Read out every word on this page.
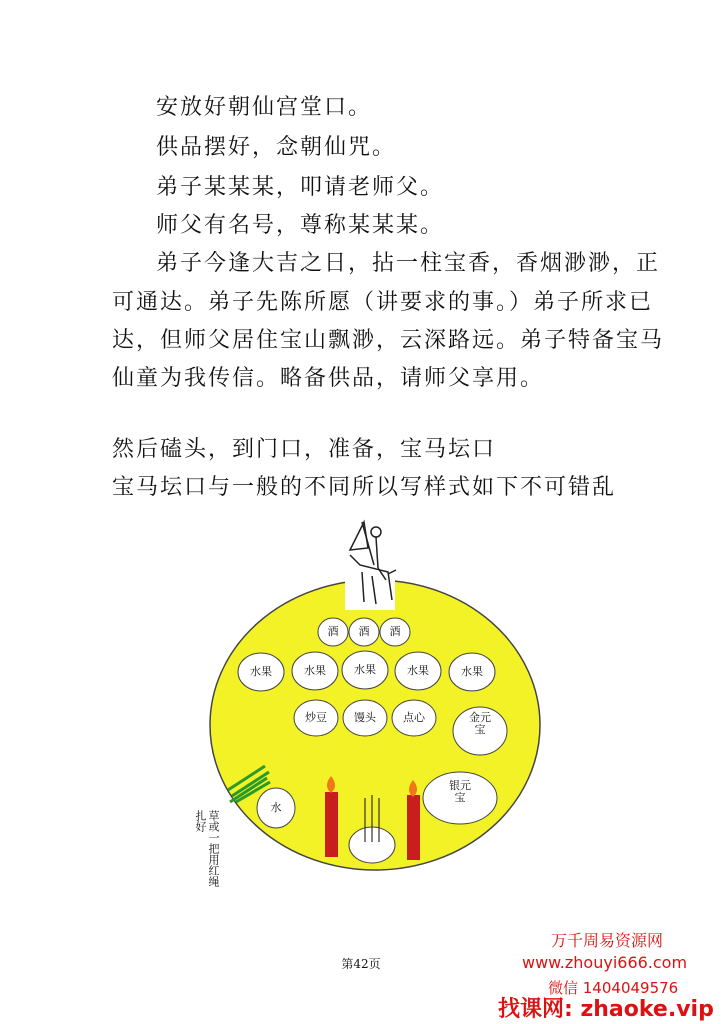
安放好朝仙宫堂口。
供品摆好，念朝仙咒。
弟子某某某，叩请老师父。
师父有名号，尊称某某某。
弟子今逢大吉之日，拈一柱宝香，香烟渺渺，正
可通达。弟子先陈所愿（讲要求的事。）弟子所求已
达，但师父居住宝山飘渺，云深路远。弟子特备宝马
仙童为我传信。略备供品，请师父享用。
然后磕头，到门口，准备，宝马坛口
宝马坛口与一般的不同所以写样式如下不可错乱
酒	酒	酒
水果	水果	水果	水果	水果
炒豆	馒头	点心	金元宝
银元宝
水
草或一把用红绳扎好
第42页
万千周易资源网
www.zhouyi666.com
微信 1404049576
找课网: zhaoke.vip
